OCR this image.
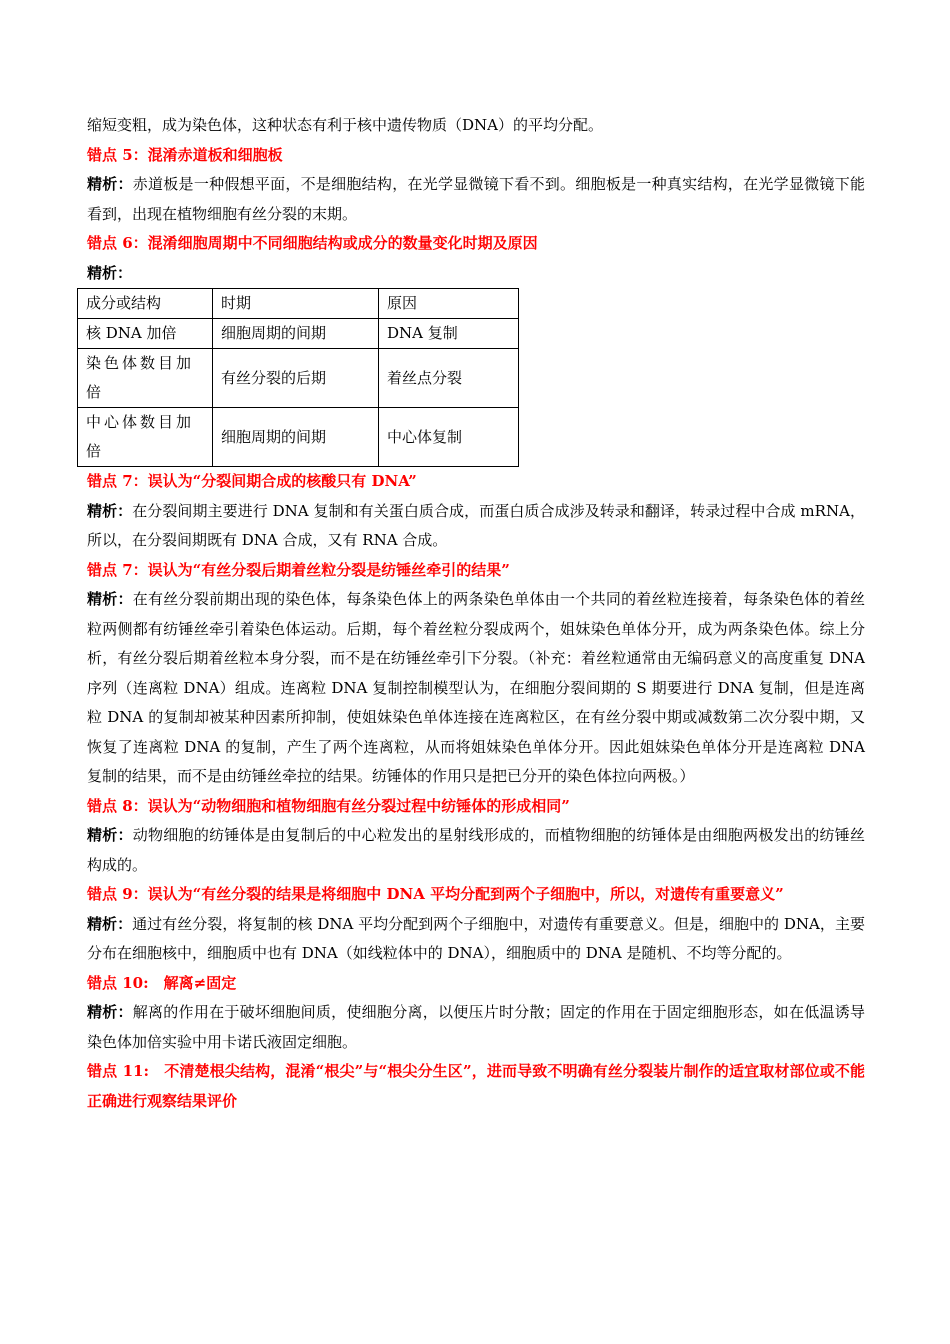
缩短变粗，成为染色体，这种状态有利于核中遗传物质（DNA）的平均分配。

错点 5：混淆赤道板和细胞板

精析：赤道板是一种假想平面，不是细胞结构，在光学显微镜下看不到。细胞板是一种真实结构，在光学显微镜下能看到，出现在植物细胞有丝分裂的末期。

错点 6：混淆细胞周期中不同细胞结构或成分的数量变化时期及原因

精析：

成分或结构	时期	原因
核 DNA 加倍	细胞周期的间期	DNA 复制
染色体数目加倍	有丝分裂的后期	着丝点分裂
中心体数目加倍	细胞周期的间期	中心体复制

错点 7：误认为“分裂间期合成的核酸只有 DNA”

精析：在分裂间期主要进行 DNA 复制和有关蛋白质合成，而蛋白质合成涉及转录和翻译，转录过程中合成 mRNA，所以，在分裂间期既有 DNA 合成，又有 RNA 合成。

错点 7：误认为“有丝分裂后期着丝粒分裂是纺锤丝牵引的结果”

精析：在有丝分裂前期出现的染色体，每条染色体上的两条染色单体由一个共同的着丝粒连接着，每条染色体的着丝粒两侧都有纺锤丝牵引着染色体运动。后期，每个着丝粒分裂成两个，姐妹染色单体分开，成为两条染色体。综上分析，有丝分裂后期着丝粒本身分裂，而不是在纺锤丝牵引下分裂。（补充：着丝粒通常由无编码意义的高度重复 DNA 序列（连离粒 DNA）组成。连离粒 DNA 复制控制模型认为，在细胞分裂间期的 S 期要进行 DNA 复制，但是连离粒 DNA 的复制却被某种因素所抑制，使姐妹染色单体连接在连离粒区，在有丝分裂中期或减数第二次分裂中期，又恢复了连离粒 DNA 的复制，产生了两个连离粒，从而将姐妹染色单体分开。因此姐妹染色单体分开是连离粒 DNA 复制的结果，而不是由纺锤丝牵拉的结果。纺锤体的作用只是把已分开的染色体拉向两极。）

错点 8：误认为“动物细胞和植物细胞有丝分裂过程中纺锤体的形成相同”

精析：动物细胞的纺锤体是由复制后的中心粒发出的星射线形成的，而植物细胞的纺锤体是由细胞两极发出的纺锤丝构成的。

错点 9：误认为“有丝分裂的结果是将细胞中 DNA 平均分配到两个子细胞中，所以，对遗传有重要意义”

精析：通过有丝分裂，将复制的核 DNA 平均分配到两个子细胞中，对遗传有重要意义。但是，细胞中的 DNA，主要分布在细胞核中，细胞质中也有 DNA（如线粒体中的 DNA），细胞质中的 DNA 是随机、不均等分配的。

错点 10:　解离≠固定

精析：解离的作用在于破坏细胞间质，使细胞分离，以便压片时分散；固定的作用在于固定细胞形态，如在低温诱导染色体加倍实验中用卡诺氏液固定细胞。

错点 11:　不清楚根尖结构，混淆“根尖”与“根尖分生区”，进而导致不明确有丝分裂装片制作的适宜取材部位或不能正确进行观察结果评价
